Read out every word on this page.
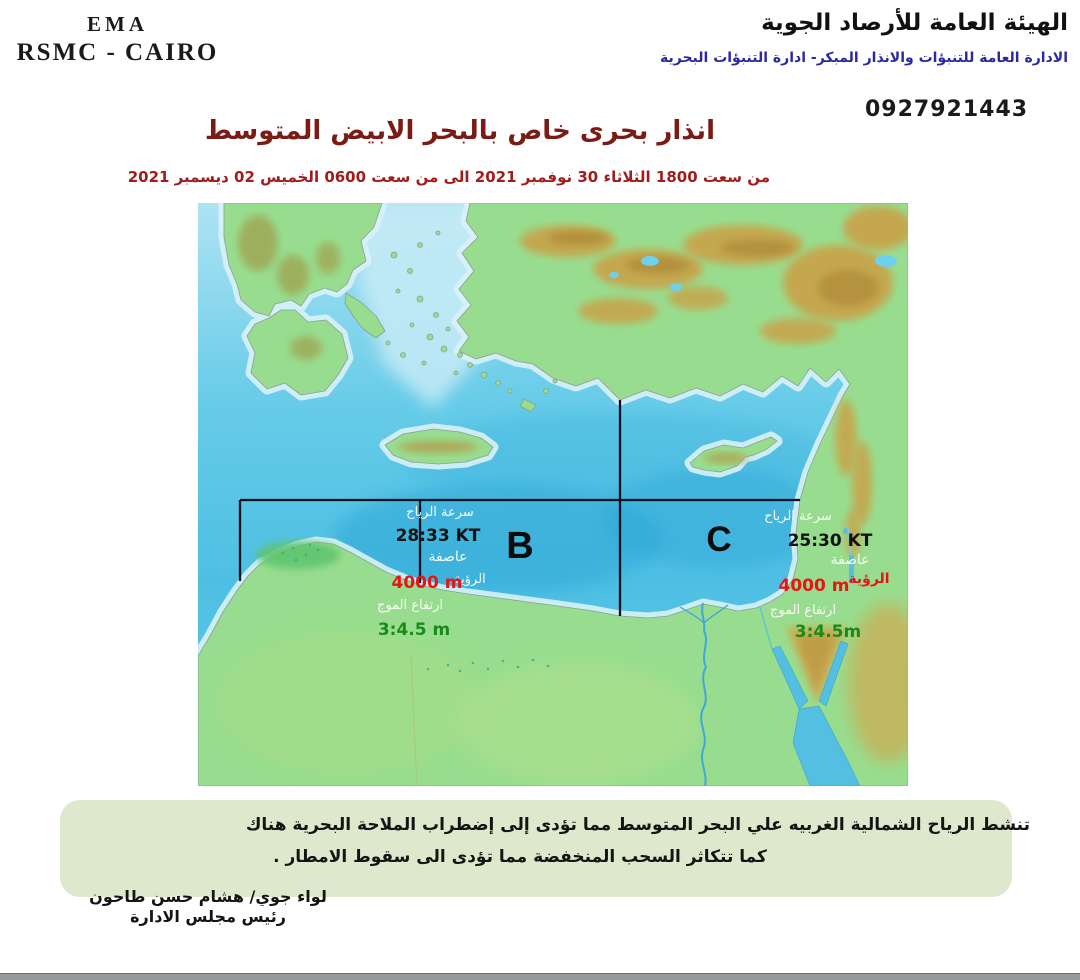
EMA
RSMC - CAIRO
الهيئة العامة للأرصاد الجوية
الادارة العامة للتنبؤات والانذار المبكر- ادارة التنبؤات البحرية
0927921443
انذار بحرى خاص بالبحر الابيض المتوسط
من سعت 1800 الثلاثاء 30 نوفمبر 2021 الى من سعت 0600 الخميس 02 ديسمبر 2021
سرعة الرياح
28:33 KT
عاصفة
الرؤية
4000 m
ارتفاع الموج
3:4.5 m
B
سرعة الرياح
25:30 KT
عاصفة
الرؤية
4000 m
ارتفاع الموج
3:4.5m
C
تنشط الرياح الشمالية الغربيه علي البحر المتوسط مما تؤدى إلى إضطراب الملاحة البحرية هناك
كما تتكاثر السحب المنخفضة مما تؤدى الى سقوط الامطار .
لواء جوي/ هشام حسن طاحون
رئيس مجلس الادارة
